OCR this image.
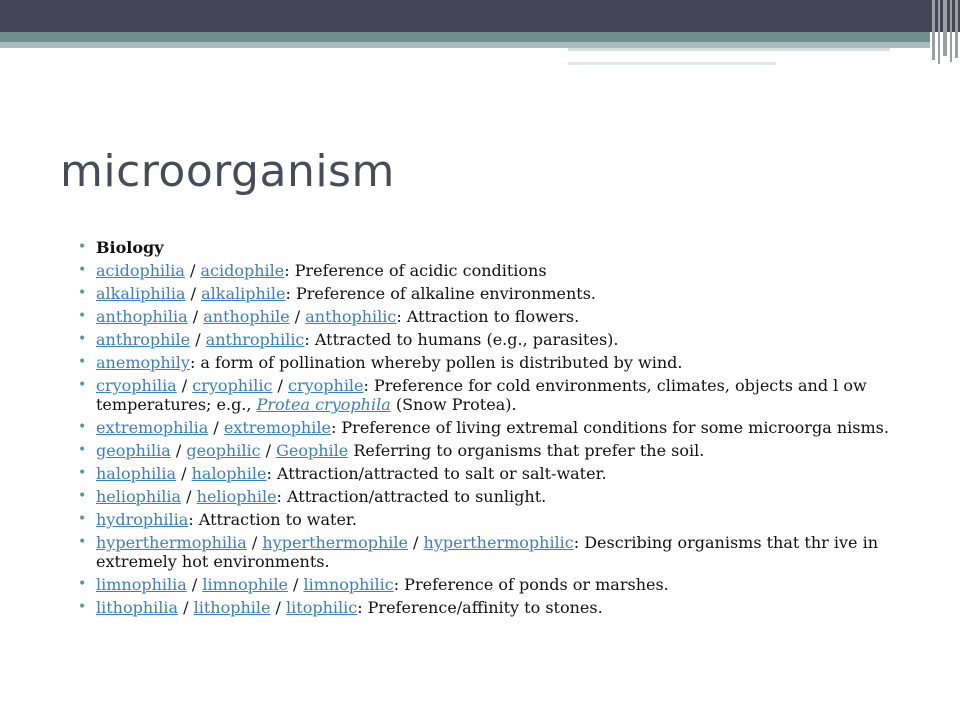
microorganism
• Biology
• acidophilia / acidophile: Preference of acidic conditions
• alkaliphilia / alkaliphile: Preference of alkaline environments.
• anthophilia / anthophile / anthophilic: Attraction to flowers.
• anthrophile / anthrophilic: Attracted to humans (e.g., parasites).
• anemophily: a form of pollination whereby pollen is distributed by wind.
• cryophilia / cryophilic / cryophile: Preference for cold environments, climates, objects and l ow temperatures; e.g., Protea cryophila (Snow Protea).
• extremophilia / extremophile: Preference of living extremal conditions for some microorga nisms.
• geophilia / geophilic / Geophile Referring to organisms that prefer the soil.
• halophilia / halophile: Attraction/attracted to salt or salt-water.
• heliophilia / heliophile: Attraction/attracted to sunlight.
• hydrophilia: Attraction to water.
• hyperthermophilia / hyperthermophile / hyperthermophilic: Describing organisms that thr ive in extremely hot environments.
• limnophilia / limnophile / limnophilic: Preference of ponds or marshes.
• lithophilia / lithophile / litophilic: Preference/affinity to stones.
